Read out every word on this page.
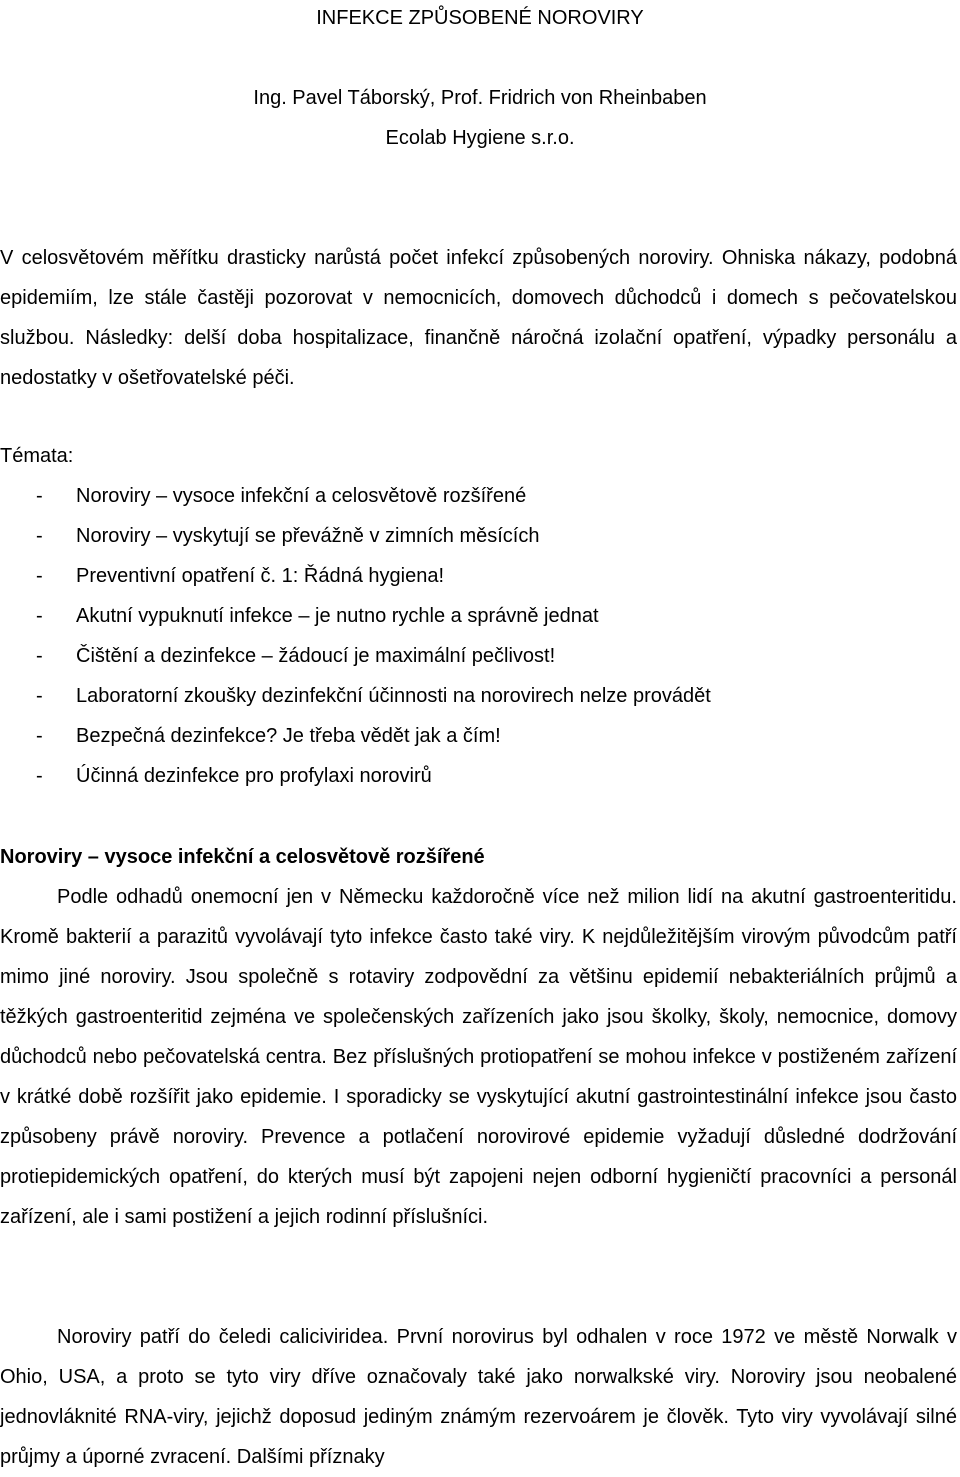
INFEKCE ZPŮSOBENÉ NOROVIRY
Ing. Pavel Táborský, Prof. Fridrich von Rheinbaben
Ecolab Hygiene s.r.o.
V celosvětovém měřítku drasticky narůstá počet infekcí způsobených noroviry. Ohniska nákazy, podobná epidemiím, lze stále častěji pozorovat v nemocnicích, domovech důchodců i domech s pečovatelskou službou. Následky: delší doba hospitalizace, finančně náročná izolační opatření, výpadky personálu a nedostatky v ošetřovatelské péči.
Témata:
- Noroviry – vysoce infekční a celosvětově rozšířené
- Noroviry – vyskytují se převážně v zimních měsících
- Preventivní opatření č. 1: Řádná hygiena!
- Akutní vypuknutí infekce – je nutno rychle a správně jednat
- Čištění a dezinfekce – žádoucí je maximální pečlivost!
- Laboratorní zkoušky dezinfekční účinnosti na norovirech nelze provádět
- Bezpečná dezinfekce? Je třeba vědět jak a čím!
- Účinná dezinfekce pro profylaxi norovirů
Noroviry – vysoce infekční a celosvětově rozšířené
Podle odhadů onemocní jen v Německu každoročně více než milion lidí na akutní gastroenteritidu. Kromě bakterií a parazitů vyvolávají tyto infekce často také viry. K nejdůležitějším virovým původcům patří mimo jiné noroviry. Jsou společně s rotaviry zodpovědní za většinu epidemií nebakteriálních průjmů a těžkých gastroenteritid zejména ve společenských zařízeních jako jsou školky, školy, nemocnice, domovy důchodců nebo pečovatelská centra. Bez příslušných protiopatření se mohou infekce v postiženém zařízení v krátké době rozšířit jako epidemie. I sporadicky se vyskytující akutní gastrointestinální infekce jsou často způsobeny právě noroviry. Prevence a potlačení norovirové epidemie vyžadují důsledné dodržování protiepidemických opatření, do kterých musí být zapojeni nejen odborní hygieničtí pracovníci a personál zařízení, ale i sami postižení a jejich rodinní příslušníci.
Noroviry patří do čeledi caliciviridea. První norovirus byl odhalen v roce 1972 ve městě Norwalk v Ohio, USA, a proto se tyto viry dříve označovaly také jako norwalkské viry. Noroviry jsou neobalené jednovláknité RNA-viry, jejichž doposud jediným známým rezervoárem je člověk. Tyto viry vyvolávají silné průjmy a úporné zvracení. Dalšími příznaky
